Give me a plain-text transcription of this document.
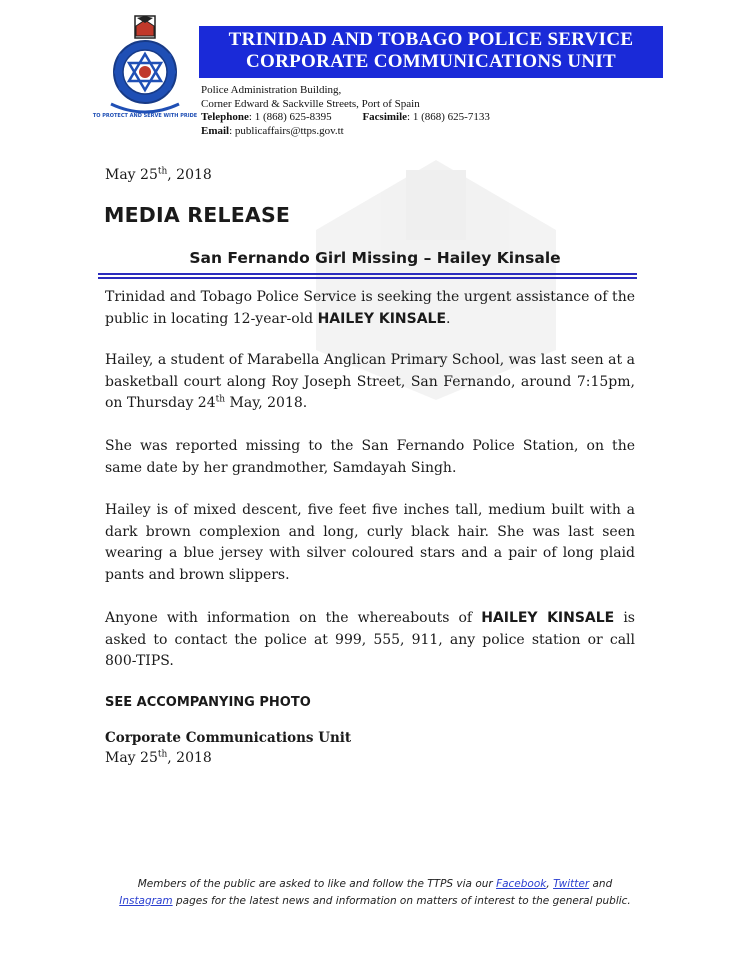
TO PROTECT AND SERVE WITH PRIDE
TRINIDAD AND TOBAGO POLICE SERVICE
CORPORATE COMMUNICATIONS UNIT
Police Administration Building,
Corner Edward & Sackville Streets, Port of Spain
Telephone: 1 (868) 625-8395	Facsimile: 1 (868) 625-7133
Email: publicaffairs@ttps.gov.tt
May 25th, 2018
MEDIA RELEASE
San Fernando Girl Missing – Hailey Kinsale
Trinidad and Tobago Police Service is seeking the urgent assistance of the public in locating 12-year-old HAILEY KINSALE.
Hailey, a student of Marabella Anglican Primary School, was last seen at a basketball court along Roy Joseph Street, San Fernando, around 7:15pm, on Thursday 24th May, 2018.
She was reported missing to the San Fernando Police Station, on the same date by her grandmother, Samdayah Singh.
Hailey is of mixed descent, five feet five inches tall, medium built with a dark brown complexion and long, curly black hair. She was last seen wearing a blue jersey with silver coloured stars and a pair of long plaid pants and brown slippers.
Anyone with information on the whereabouts of HAILEY KINSALE is asked to contact the police at 999, 555, 911, any police station or call 800-TIPS.
SEE ACCOMPANYING PHOTO
Corporate Communications Unit
May 25th, 2018
Members of the public are asked to like and follow the TTPS via our Facebook, Twitter and
Instagram pages for the latest news and information on matters of interest to the general public.
